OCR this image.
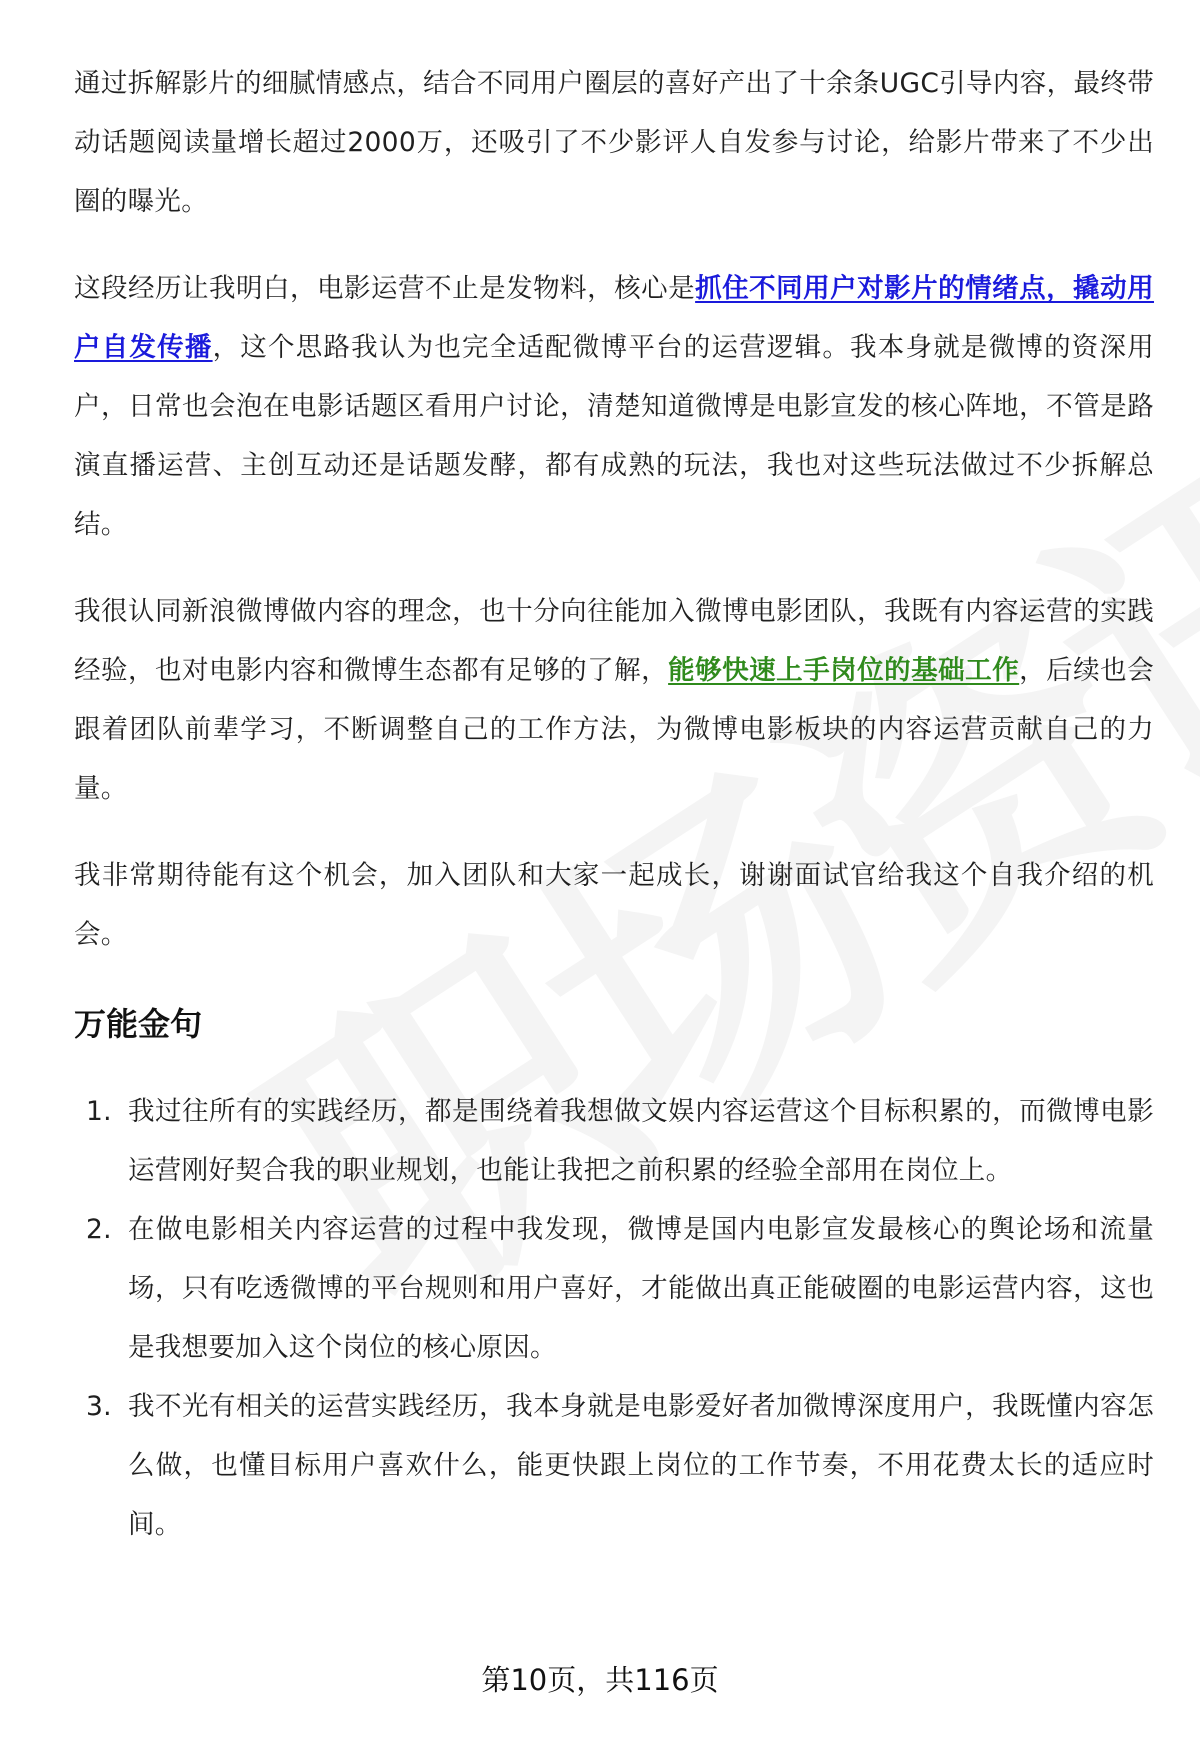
通过拆解影片的细腻情感点，结合不同用户圈层的喜好产出了十余条UGC引导内容，最终带动话题阅读量增长超过2000万，还吸引了不少影评人自发参与讨论，给影片带来了不少出圈的曝光。

这段经历让我明白，电影运营不止是发物料，核心是抓住不同用户对影片的情绪点，撬动用户自发传播，这个思路我认为也完全适配微博平台的运营逻辑。我本身就是微博的资深用户，日常也会泡在电影话题区看用户讨论，清楚知道微博是电影宣发的核心阵地，不管是路演直播运营、主创互动还是话题发酵，都有成熟的玩法，我也对这些玩法做过不少拆解总结。

我很认同新浪微博做内容的理念，也十分向往能加入微博电影团队，我既有内容运营的实践经验，也对电影内容和微博生态都有足够的了解，能够快速上手岗位的基础工作，后续也会跟着团队前辈学习，不断调整自己的工作方法，为微博电影板块的内容运营贡献自己的力量。

我非常期待能有这个机会，加入团队和大家一起成长，谢谢面试官给我这个自我介绍的机会。

万能金句
1. 我过往所有的实践经历，都是围绕着我想做文娱内容运营这个目标积累的，而微博电影运营刚好契合我的职业规划，也能让我把之前积累的经验全部用在岗位上。
2. 在做电影相关内容运营的过程中我发现，微博是国内电影宣发最核心的舆论场和流量场，只有吃透微博的平台规则和用户喜好，才能做出真正能破圈的电影运营内容，这也是我想要加入这个岗位的核心原因。
3. 我不光有相关的运营实践经历，我本身就是电影爱好者加微博深度用户，我既懂内容怎么做，也懂目标用户喜欢什么，能更快跟上岗位的工作节奏，不用花费太长的适应时间。
第10页，共116页
